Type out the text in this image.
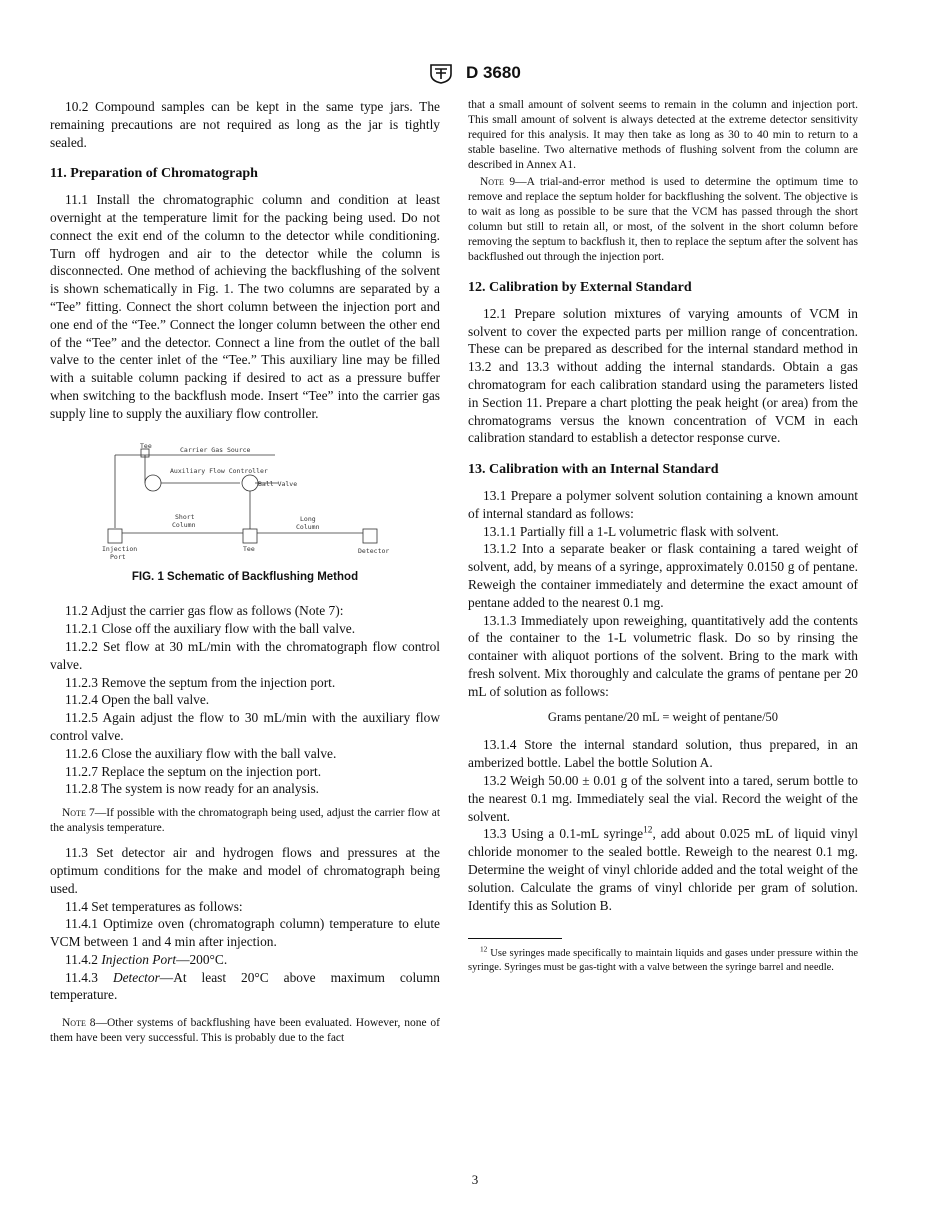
D 3680

10.2 Compound samples can be kept in the same type jars. The remaining precautions are not required as long as the jar is tightly sealed.

11. Preparation of Chromatograph

11.1 Install the chromatographic column and condition at least overnight at the temperature limit for the packing being used. Do not connect the exit end of the column to the detector while conditioning. Turn off hydrogen and air to the detector while the column is disconnected. One method of achieving the backflushing of the solvent is shown schematically in Fig. 1. The two columns are separated by a “Tee” fitting. Connect the short column between the injection port and one end of the “Tee.” Connect the longer column between the other end of the “Tee” and the detector. Connect a line from the outlet of the ball valve to the center inlet of the “Tee.” This auxiliary line may be filled with a suitable column packing if desired to act as a pressure buffer when switching to the backflush mode. Insert “Tee” into the carrier gas supply line to supply the auxiliary flow controller.

Tee	Carrier Gas Source
Auxiliary Flow Controller
Ball Valve
Short
Column
Long
Column
Injection
Port
Tee	Detector
FIG. 1 Schematic of Backflushing Method

11.2 Adjust the carrier gas flow as follows (Note 7):

11.2.1 Close off the auxiliary flow with the ball valve.

11.2.2 Set flow at 30 mL/min with the chromatograph flow control valve.

11.2.3 Remove the septum from the injection port.

11.2.4 Open the ball valve.

11.2.5 Again adjust the flow to 30 mL/min with the auxiliary flow control valve.

11.2.6 Close the auxiliary flow with the ball valve.

11.2.7 Replace the septum on the injection port.

11.2.8 The system is now ready for an analysis.

Note 7—If possible with the chromatograph being used, adjust the carrier flow at the analysis temperature.

11.3 Set detector air and hydrogen flows and pressures at the optimum conditions for the make and model of chromatograph being used.

11.4 Set temperatures as follows:

11.4.1 Optimize oven (chromatograph column) temperature to elute VCM between 1 and 4 min after injection.

11.4.2 Injection Port—200°C.

11.4.3 Detector—At least 20°C above maximum column temperature.

Note 8—Other systems of backflushing have been evaluated. However, none of them have been very successful. This is probably due to the fact

that a small amount of solvent seems to remain in the column and injection port. This small amount of solvent is always detected at the extreme detector sensitivity required for this analysis. It may then take as long as 30 to 40 min to return to a stable baseline. Two alternative methods of flushing solvent from the column are described in Annex A1.

Note 9—A trial-and-error method is used to determine the optimum time to remove and replace the septum holder for backflushing the solvent. The objective is to wait as long as possible to be sure that the VCM has passed through the short column but still to retain all, or most, of the solvent in the short column before removing the septum to backflush it, then to replace the septum after the solvent has backflushed out through the injection port.

12. Calibration by External Standard

12.1 Prepare solution mixtures of varying amounts of VCM in solvent to cover the expected parts per million range of concentration. These can be prepared as described for the internal standard method in 13.2 and 13.3 without adding the internal standards. Obtain a gas chromatogram for each calibration standard using the parameters listed in Section 11. Prepare a chart plotting the peak height (or area) from the chromatograms versus the known concentration of VCM in each calibration standard to establish a detector response curve.

13. Calibration with an Internal Standard

13.1 Prepare a polymer solvent solution containing a known amount of internal standard as follows:

13.1.1 Partially fill a 1-L volumetric flask with solvent.

13.1.2 Into a separate beaker or flask containing a tared weight of solvent, add, by means of a syringe, approximately 0.0150 g of pentane. Reweigh the container immediately and determine the exact amount of pentane added to the nearest 0.1 mg.

13.1.3 Immediately upon reweighing, quantitatively add the contents of the container to the 1-L volumetric flask. Do so by rinsing the container with aliquot portions of the solvent. Bring to the mark with fresh solvent. Mix thoroughly and calculate the grams of pentane per 20 mL of solution as follows:

Grams pentane/20 mL = weight of pentane/50

13.1.4 Store the internal standard solution, thus prepared, in an amberized bottle. Label the bottle Solution A.

13.2 Weigh 50.00 ± 0.01 g of the solvent into a tared, serum bottle to the nearest 0.1 mg. Immediately seal the vial. Record the weight of the solvent.

13.3 Using a 0.1-mL syringe$^{12}$, add about 0.025 mL of liquid vinyl chloride monomer to the sealed bottle. Reweigh to the nearest 0.1 mg. Determine the weight of vinyl chloride added and the total weight of the solution. Calculate the grams of vinyl chloride per gram of solution. Identify this as Solution B.

$^{12}$ Use syringes made specifically to maintain liquids and gases under pressure within the syringe. Syringes must be gas-tight with a valve between the syringe barrel and needle.

3
